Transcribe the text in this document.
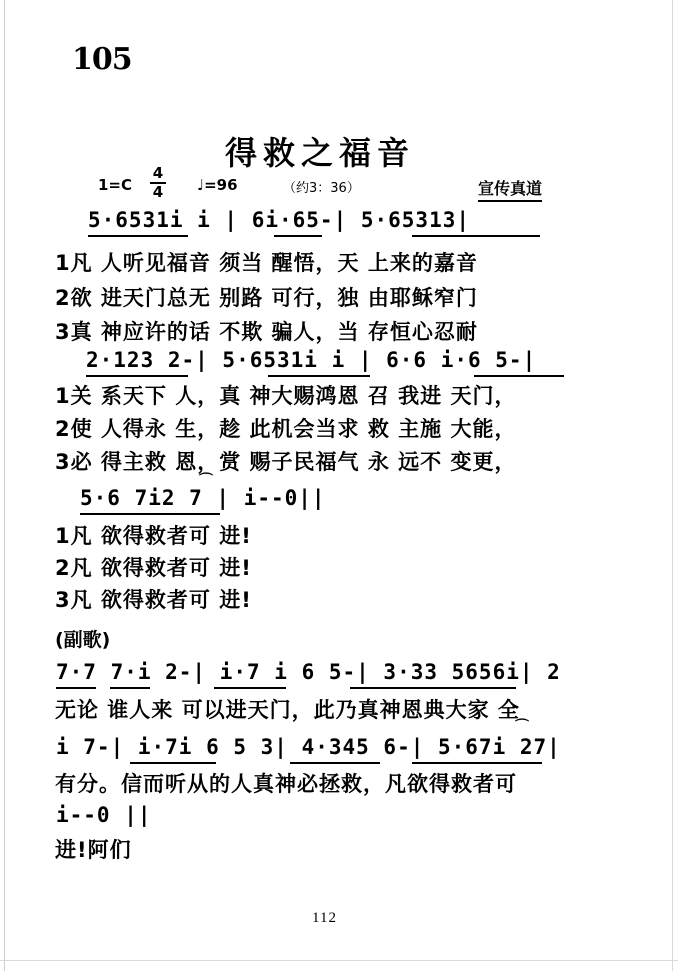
105
得救之福音
1=C
4
4 ♩=96	（约3：36）	宣传真道
5·6531i i | 6i·65-| 5·65313|
1凡 人听见福音 须当 醒悟，天 上来的嘉音
2欲 进天门总无 别路 可行，独 由耶稣窄门
3真 神应许的话 不欺 骗人，当 存恒心忍耐
2·123 2-| 5·6531i i | 6·6 i·6 5-|
1关 系天下 人，真 神大赐鸿恩 召 我进 天门，
2使 人得永 生，趁 此机会当求 救 主施 大能，
3必 得主救 恩，赏 赐子民福气 永 远不 变更，
⌒
5·6 7i2 7 | i--0||
1凡 欲得救者可 进!
2凡 欲得救者可 进!
3凡 欲得救者可 进!
(副歌)
7·7 7·i 2-| i·7 i 6 5-| 3·33 5656i| 2
无论 谁人来 可以进天门，此乃真神恩典大家 全
⌒
i 7-| i·7i 6 5 3| 4·345 6-| 5·67i 27|
有分。信而听从的人真神必拯救，凡欲得救者可
i--0 ||
进!阿们
112
